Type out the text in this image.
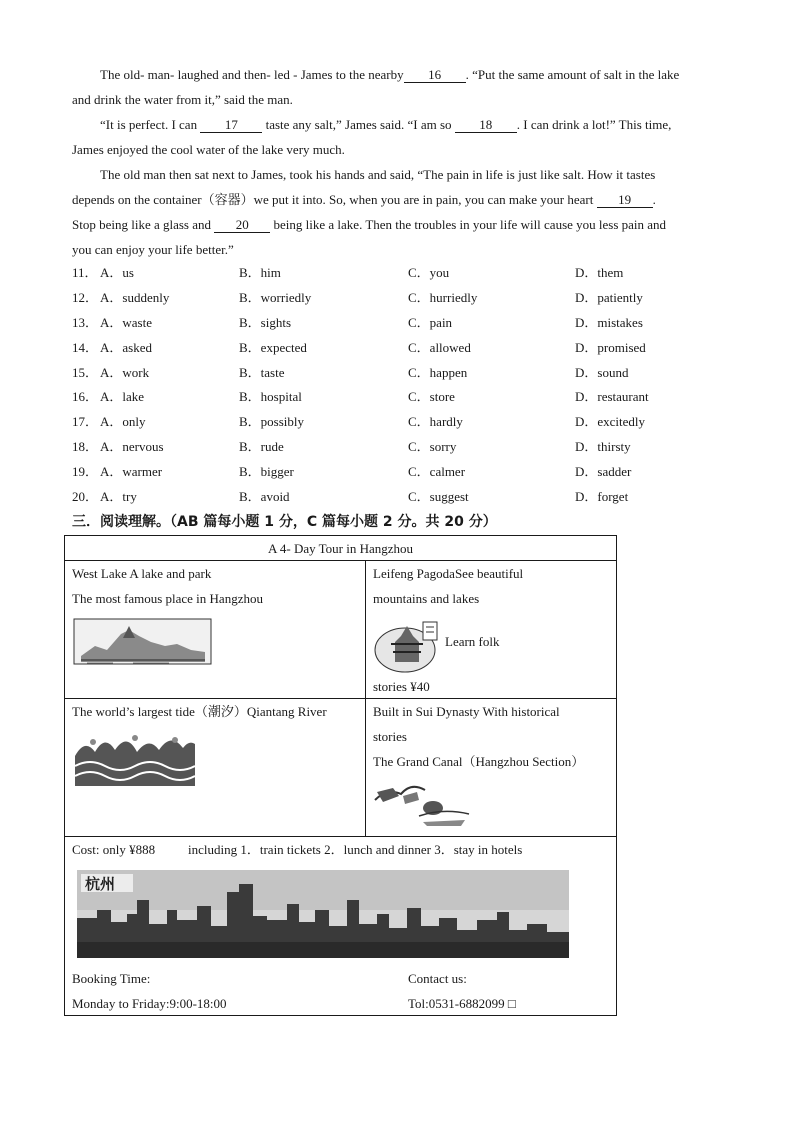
The old- man- laughed and then- led - James to the nearby 16 . “Put the same amount of salt in the lake
and drink the water from it,” said the man.

“It is perfect. I can 17 taste any salt,” James said. “I am so 18 . I can drink a lot!” This time,
James enjoyed the cool water of the lake very much.

The old man then sat next to James, took his hands and said, “The pain in life is just like salt. How it tastes
depends on the container（容器）we put it into. So, when you are in pain, you can make your heart 19 .
Stop being like a glass and 20 being like a lake. Then the troubles in your life will cause you less pain and
you can enjoy your life better.”

11． A．us	B．him	C．you	D．them
12． A．suddenly	B．worriedly	C．hurriedly	D．patiently
13． A．waste	B．sights	C．pain	D．mistakes
14． A．asked	B．expected	C．allowed	D．promised
15． A．work	B．taste	C．happen	D．sound
16． A．lake	B．hospital	C．store	D．restaurant
17． A．only	B．possibly	C．hardly	D．excitedly
18． A．nervous	B．rude	C．sorry	D．thirsty
19． A．warmer	B．bigger	C．calmer	D．sadder
20． A．try	B．avoid	C．suggest	D．forget
三．阅读理解。（AB 篇每小题 1 分，C 篇每小题 2 分。共 20 分）
A 4- Day Tour in Hangzhou
West Lake A lake and park
The most famous place in Hangzhou
Leifeng PagodaSee beautiful
mountains and lakes
Learn folk
stories ¥40
The world’s largest tide（潮汐）Qiantang River	Built in Sui Dynasty With historical
stories
The Grand Canal（Hangzhou Section）
Cost: only ¥888	including 1．train tickets 2．lunch and dinner 3．stay in hotels
杭州
Booking Time:
Monday to Friday:9:00-18:00
Contact us:
Tol:0531-6882099 □
